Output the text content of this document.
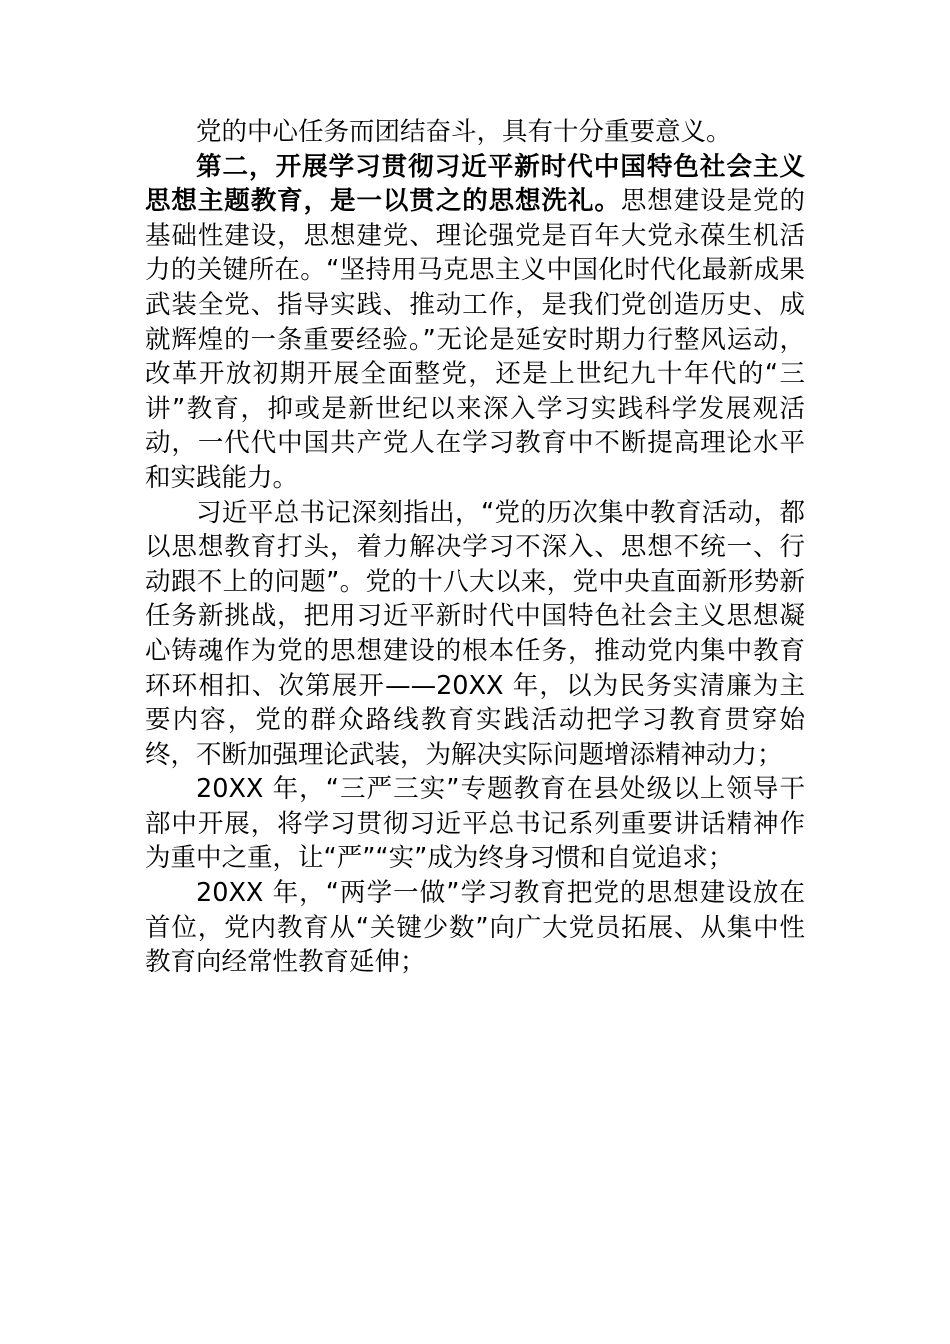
党的中心任务而团结奋斗，具有十分重要意义。

第二，开展学习贯彻习近平新时代中国特色社会主义思想主题教育，是一以贯之的思想洗礼。思想建设是党的基础性建设，思想建党、理论强党是百年大党永葆生机活力的关键所在。“坚持用马克思主义中国化时代化最新成果武装全党、指导实践、推动工作，是我们党创造历史、成就辉煌的一条重要经验。”无论是延安时期力行整风运动，改革开放初期开展全面整党，还是上世纪九十年代的“三讲”教育，抑或是新世纪以来深入学习实践科学发展观活动，一代代中国共产党人在学习教育中不断提高理论水平和实践能力。

习近平总书记深刻指出，“党的历次集中教育活动，都以思想教育打头，着力解决学习不深入、思想不统一、行动跟不上的问题”。党的十八大以来，党中央直面新形势新任务新挑战，把用习近平新时代中国特色社会主义思想凝心铸魂作为党的思想建设的根本任务，推动党内集中教育环环相扣、次第展开——20XX 年，以为民务实清廉为主要内容，党的群众路线教育实践活动把学习教育贯穿始终，不断加强理论武装，为解决实际问题增添精神动力；

20XX 年，“三严三实”专题教育在县处级以上领导干部中开展，将学习贯彻习近平总书记系列重要讲话精神作为重中之重，让“严”“实”成为终身习惯和自觉追求；

20XX 年，“两学一做”学习教育把党的思想建设放在首位，党内教育从“关键少数”向广大党员拓展、从集中性教育向经常性教育延伸；
